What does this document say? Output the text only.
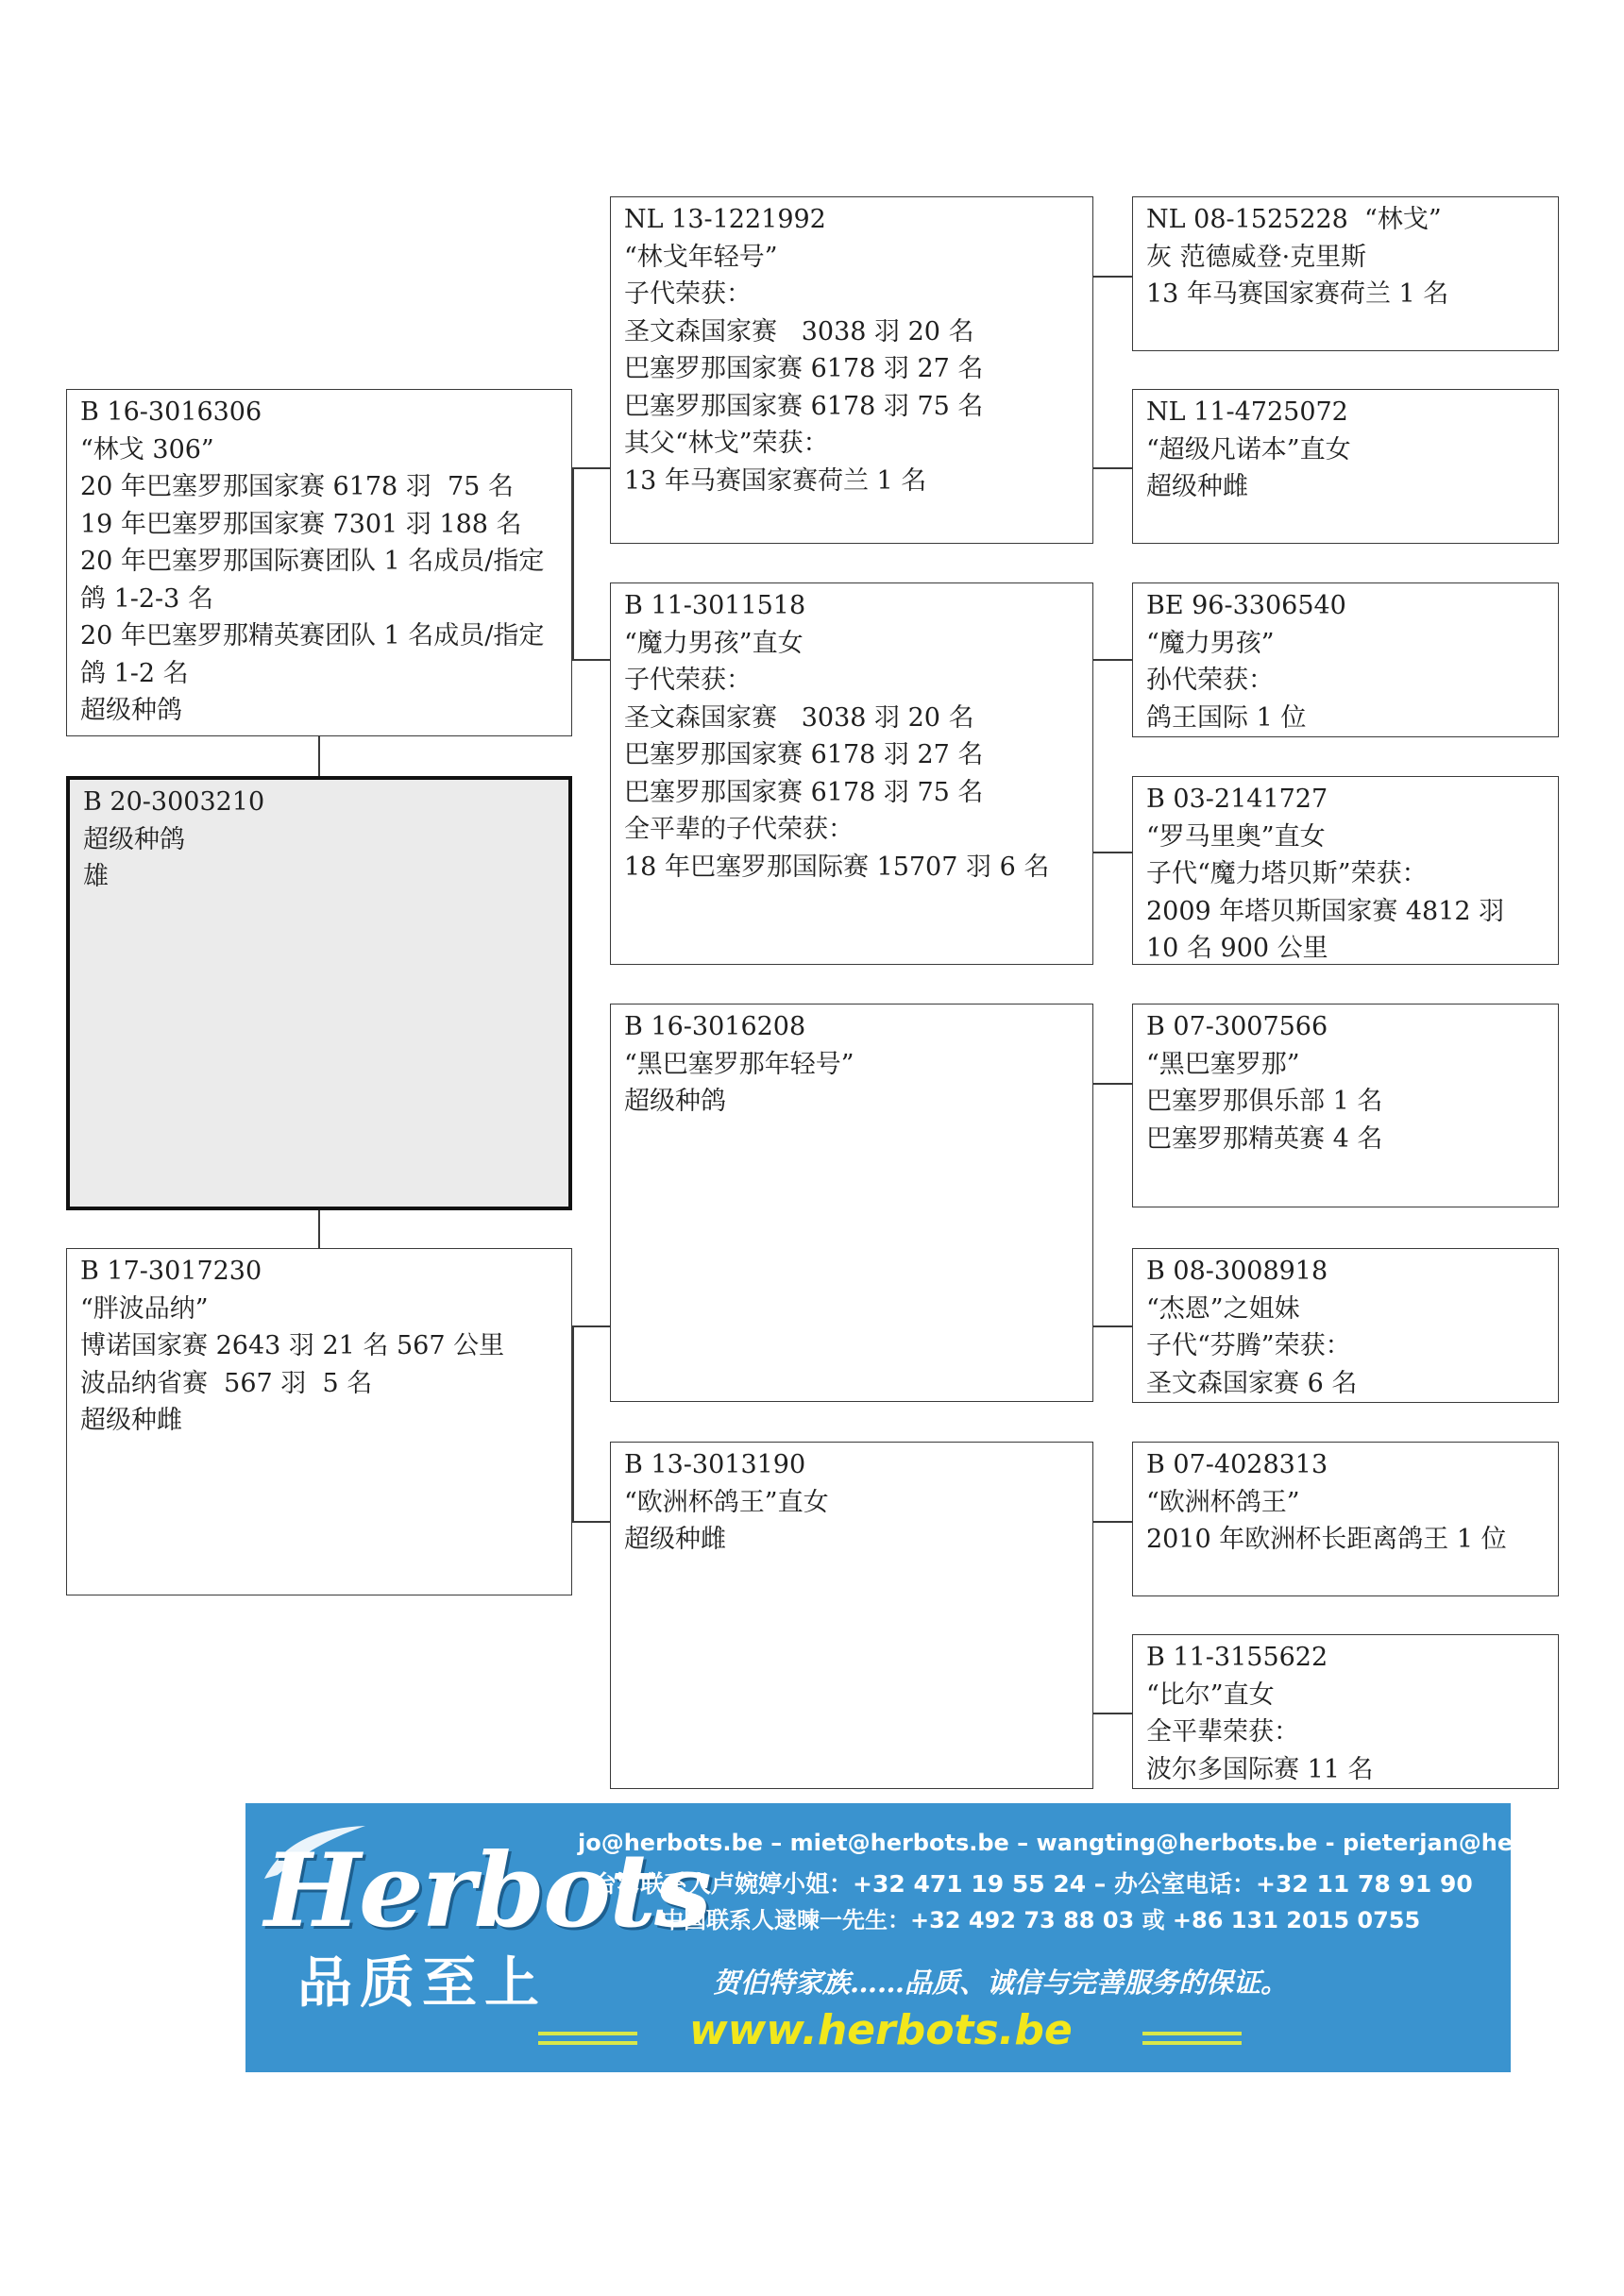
B 20-3003210
超级种鸽
雄
B 16-3016306
“林戈 306”
20 年巴塞罗那国家赛 6178 羽  75 名
19 年巴塞罗那国家赛 7301 羽 188 名
20 年巴塞罗那国际赛团队 1 名成员/指定鸽 1-2-3 名
20 年巴塞罗那精英赛团队 1 名成员/指定鸽 1-2 名
超级种鸽
B 17-3017230
“胖波品纳”
博诺国家赛 2643 羽 21 名 567 公里
波品纳省赛  567 羽  5 名
超级种雌
NL 13-1221992
“林戈年轻号”
子代荣获：
圣文森国家赛   3038 羽 20 名
巴塞罗那国家赛 6178 羽 27 名
巴塞罗那国家赛 6178 羽 75 名
其父“林戈”荣获：
13 年马赛国家赛荷兰 1 名
B 11-3011518
“魔力男孩”直女
子代荣获：
圣文森国家赛   3038 羽 20 名
巴塞罗那国家赛 6178 羽 27 名
巴塞罗那国家赛 6178 羽 75 名
全平辈的子代荣获：
18 年巴塞罗那国际赛 15707 羽 6 名
B 16-3016208
“黑巴塞罗那年轻号”
超级种鸽
B 13-3013190
“欧洲杯鸽王”直女
超级种雌
NL 08-1525228  “林戈”
灰 范德威登·克里斯
13 年马赛国家赛荷兰 1 名
NL 11-4725072
“超级凡诺本”直女
超级种雌
BE 96-3306540
“魔力男孩”
孙代荣获：
鸽王国际 1 位
B 03-2141727
“罗马里奥”直女
子代“魔力塔贝斯”荣获：
2009 年塔贝斯国家赛 4812 羽 10 名 900 公里
B 07-3007566
“黑巴塞罗那”
巴塞罗那俱乐部 1 名
巴塞罗那精英赛 4 名
B 08-3008918
“杰恩”之姐妹
子代“芬腾”荣获：
圣文森国家赛 6 名
B 07-4028313
“欧洲杯鸽王”
2010 年欧洲杯长距离鸽王 1 位
B 11-3155622
“比尔”直女
全平辈荣获：
波尔多国际赛 11 名
Herbots
品质至上
jo@herbots.be – miet@herbots.be – wangting@herbots.be - pieterjan@herbots.be
台湾联系人卢婉婷小姐：+32 471 19 55 24 – 办公室电话：+32 11 78 91 90
中国联系人逯暕一先生：+32 492 73 88 03 或 +86 131 2015 0755
贺伯特家族……品质、诚信与完善服务的保证。
www.herbots.be
